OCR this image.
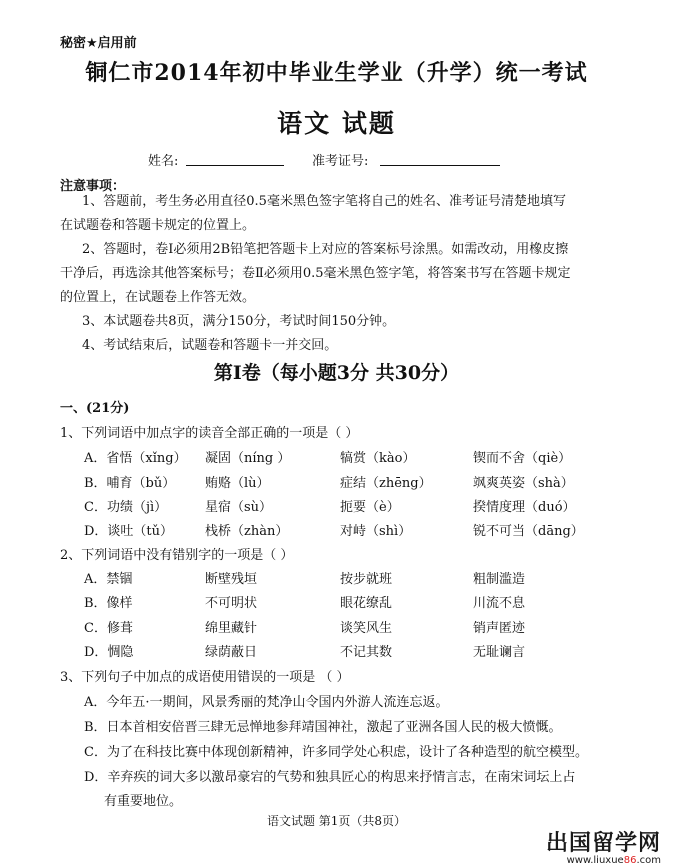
秘密★启用前
铜仁市2014年初中毕业生学业（升学）统一考试
语文 试题
姓名:	准考证号:
注意事项：
1、答题前，考生务必用直径0.5毫米黑色签字笔将自己的姓名、准考证号清楚地填写
在试题卷和答题卡规定的位置上。
2、答题时，卷Ⅰ必须用2B铅笔把答题卡上对应的答案标号涂黑。如需改动，用橡皮擦
干净后，再选涂其他答案标号；卷Ⅱ必须用0.5毫米黑色签字笔，将答案书写在答题卡规定
的位置上，在试题卷上作答无效。
3、本试题卷共8页，满分150分，考试时间150分钟。
4、考试结束后，试题卷和答题卡一并交回。
第Ⅰ卷（每小题3分 共30分）
一、(21分)
1、下列词语中加点字的读音全部正确的一项是（ ）
A．省悟（xǐng） 凝固（níng ）	犒赏（kào）	锲而不舍（qiè）
B．哺育（bǔ） 贿赂（lù）	症结（zhēng）	飒爽英姿（shà）
C．功绩（jì）	星宿（sù）	扼要（è）	揆情度理（duó）
D．谈吐（tǔ） 栈桥（zhàn）	对峙（shì）	锐不可当（dāng）
2、下列词语中没有错别字的一项是（ ）
A．禁锢	断壁残垣	按步就班	粗制滥造
B．像样	不可明状	眼花缭乱	川流不息
C．修葺	绵里藏针	谈笑风生	销声匿迹
D．惆隐	绿荫蔽日	不记其数	无耻谰言
3、下列句子中加点的成语使用错误的一项是 （ ）
A．今年五·一期间，风景秀丽的梵净山令国内外游人流连忘返。
B．日本首相安倍晋三肆无忌惮地参拜靖国神社，激起了亚洲各国人民的极大愤慨。
C．为了在科技比赛中体现创新精神，许多同学处心积虑，设计了各种造型的航空模型。
D．辛弃疾的词大多以激昂豪宕的气势和独具匠心的构思来抒情言志，在南宋词坛上占
有重要地位。
语文试题 第1页（共8页）
出国留学网
www.liuxue86.com
